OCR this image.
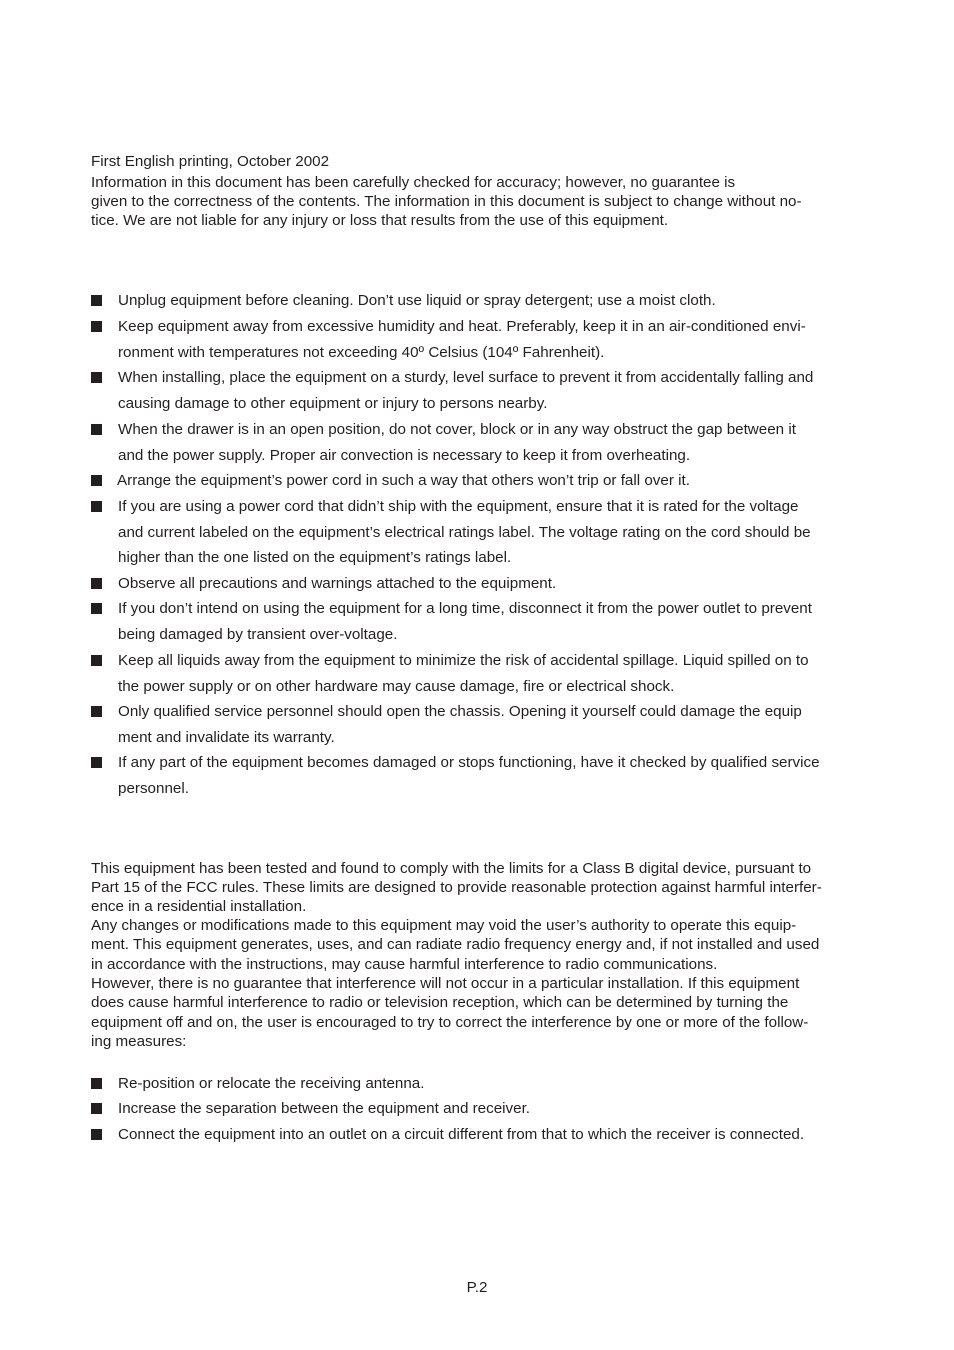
First English printing, October 2002
Information in this document has been carefully checked for accuracy; however, no guarantee is
given to the correctness of the contents. The information in this document is subject to change without no-
tice. We are not liable for any injury or loss that results from the use of this equipment.
Unplug equipment before cleaning. Don’t use liquid or spray detergent; use a moist cloth.
Keep equipment away from excessive humidity and heat. Preferably, keep it in an air-conditioned envi-
ronment with temperatures not exceeding 40º Celsius (104º Fahrenheit).
When installing, place the equipment on a sturdy, level surface to prevent it from accidentally falling and
causing damage to other equipment or injury to persons nearby.
When the drawer is in an open position, do not cover, block or in any way obstruct the gap between it
and the power supply. Proper air convection is necessary to keep it from overheating.
Arrange the equipment’s power cord in such a way that others won’t trip or fall over it.
If you are using a power cord that didn’t ship with the equipment, ensure that it is rated for the voltage
and current labeled on the equipment’s electrical ratings label. The voltage rating on the cord should be
higher than the one listed on the equipment’s ratings label.
Observe all precautions and warnings attached to the equipment.
If you don’t intend on using the equipment for a long time, disconnect it from the power outlet to prevent
being damaged by transient over-voltage.
Keep all liquids away from the equipment to minimize the risk of accidental spillage. Liquid spilled on to
the power supply or on other hardware may cause damage, fire or electrical shock.
Only qualified service personnel should open the chassis. Opening it yourself could damage the equip
ment and invalidate its warranty.
If any part of the equipment becomes damaged or stops functioning, have it checked by qualified service
personnel.
This equipment has been tested and found to comply with the limits for a Class B digital device, pursuant to
Part 15 of the FCC rules. These limits are designed to provide reasonable protection against harmful interfer-
ence in a residential installation.
Any changes or modifications made to this equipment may void the user’s authority to operate this equip-
ment. This equipment generates, uses, and can radiate radio frequency energy and, if not installed and used
in accordance with the instructions, may cause harmful interference to radio communications.
However, there is no guarantee that interference will not occur in a particular installation. If this equipment
does cause harmful interference to radio or television reception, which can be determined by turning the
equipment off and on, the user is encouraged to try to correct the interference by one or more of the follow-
ing measures:
Re-position or relocate the receiving antenna.
Increase the separation between the equipment and receiver.
Connect the equipment into an outlet on a circuit different from that to which the receiver is connected.
P.2
